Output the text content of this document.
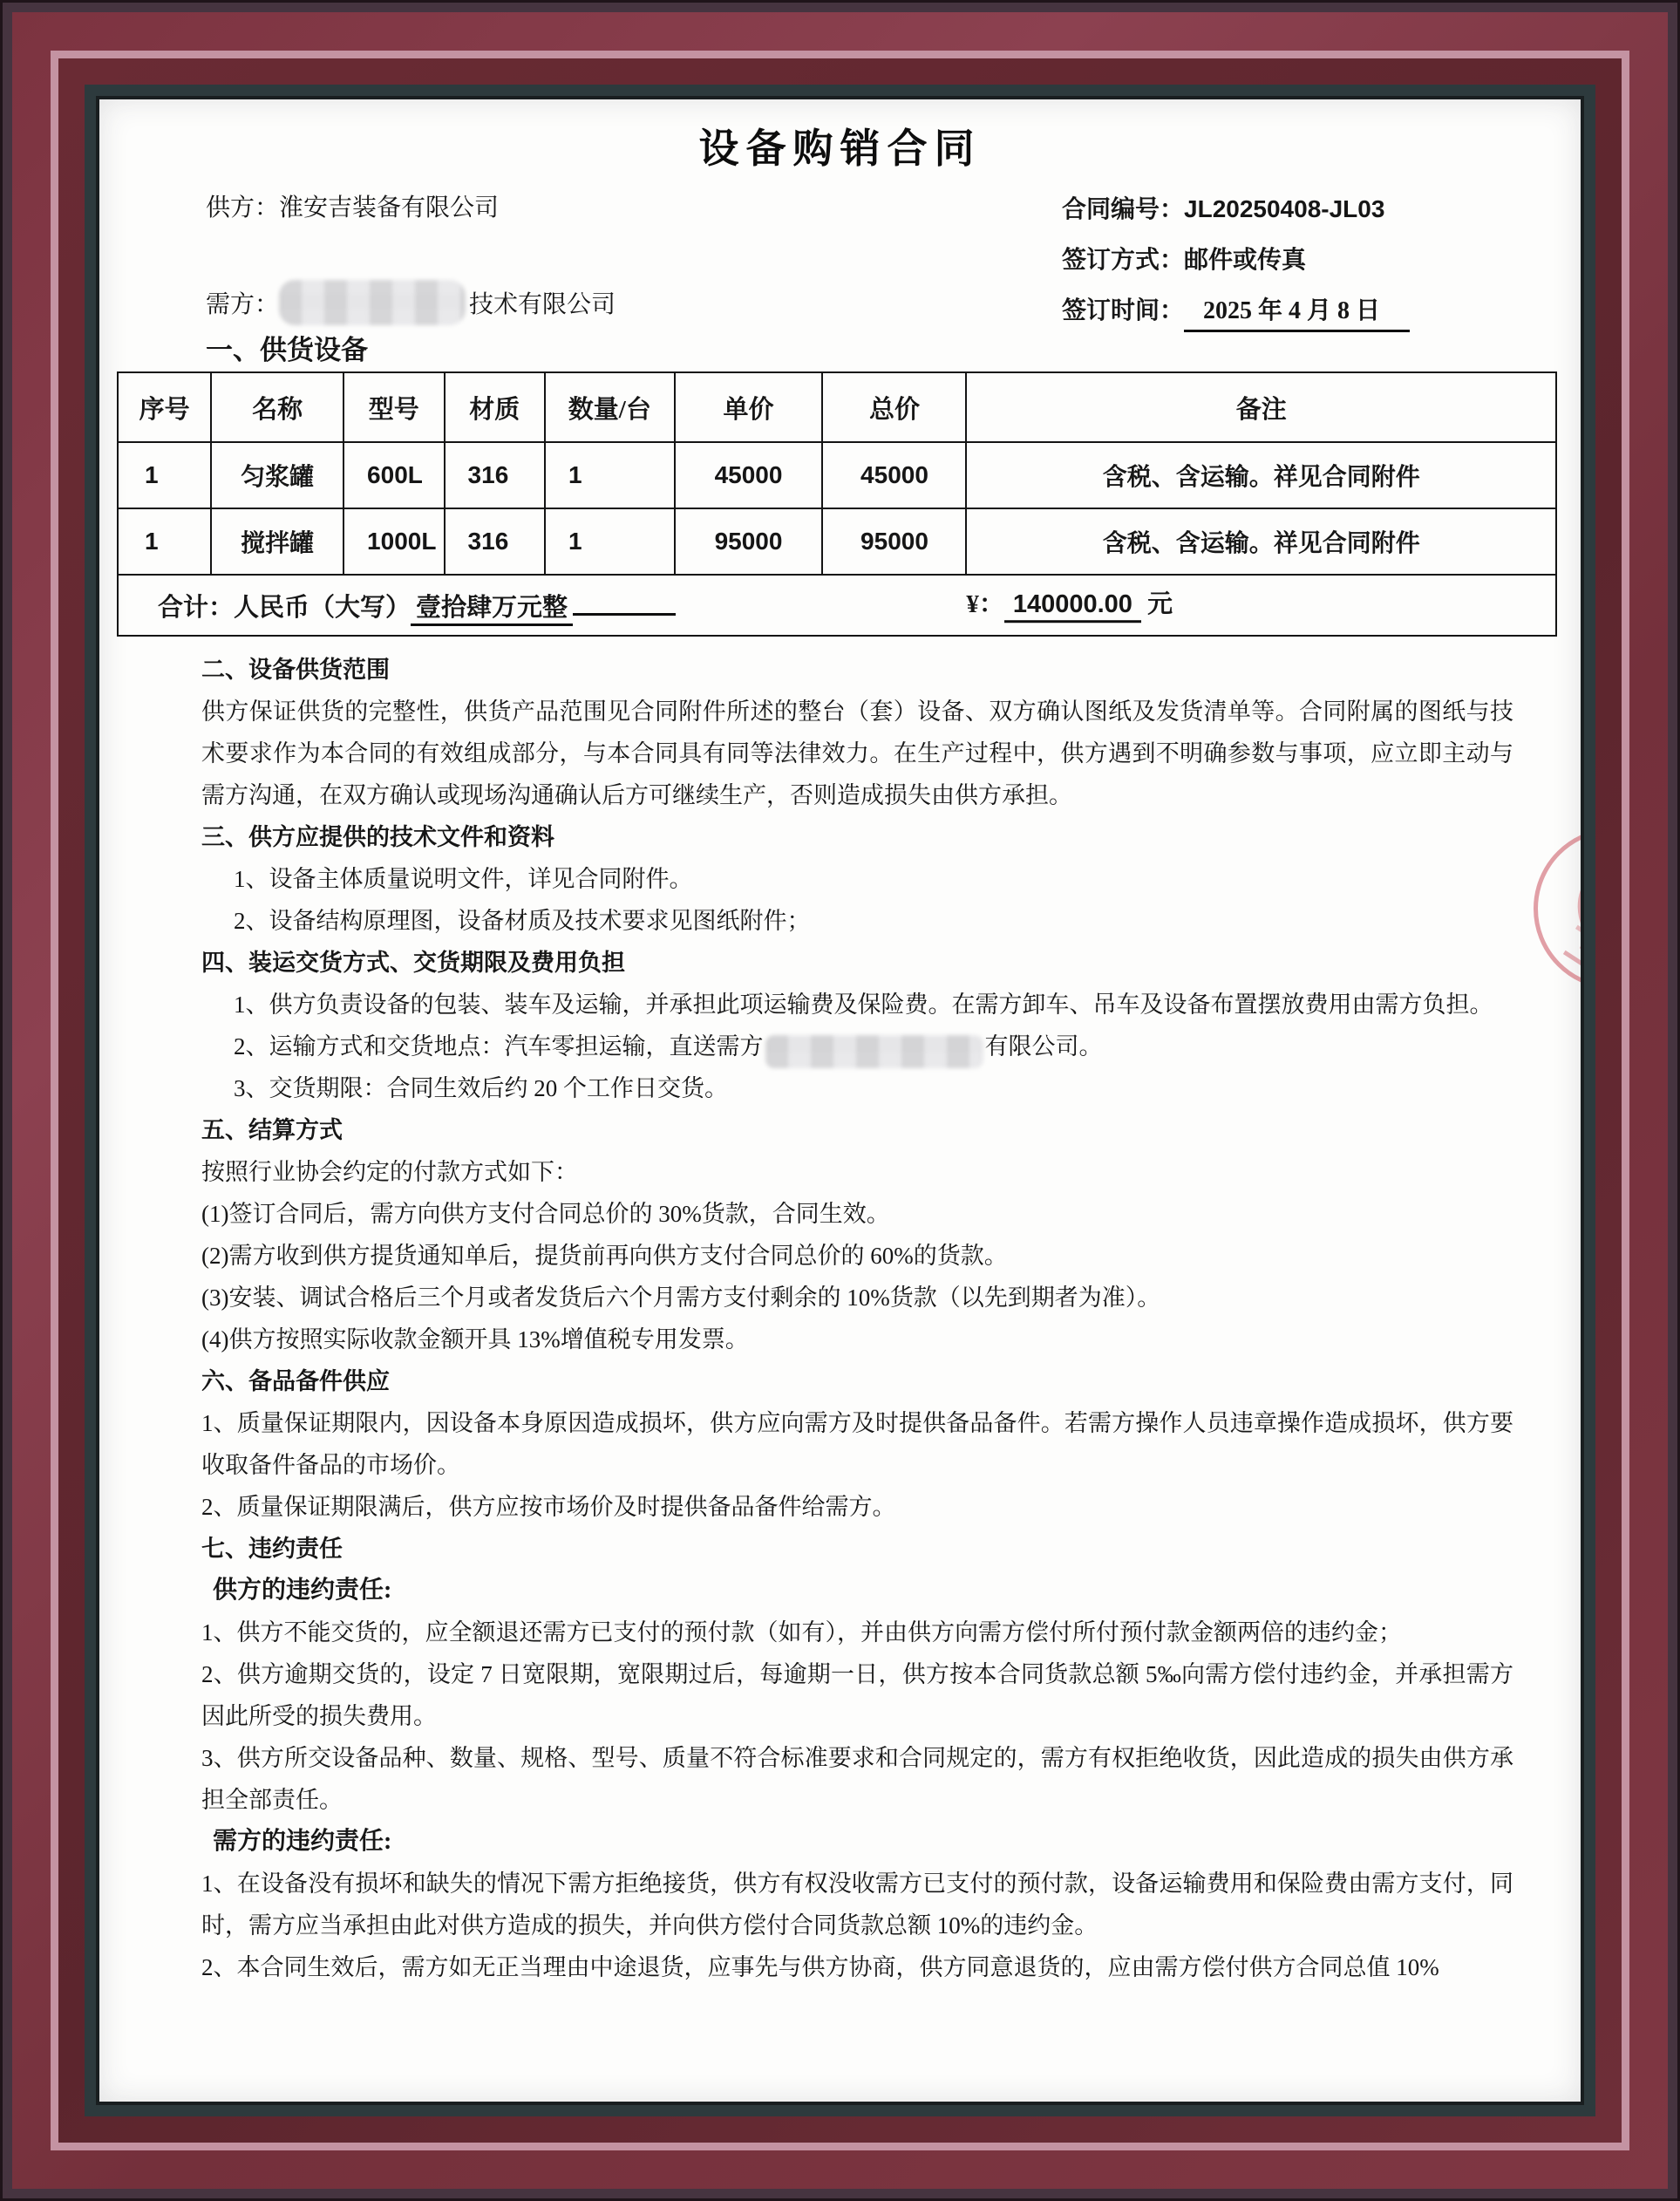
设备购销合同
供方：淮安吉装备有限公司
需方：	技术有限公司
合同编号：JL20250408-JL03
签订方式：邮件或传真
签订时间： 2025 年 4 月 8 日
一、供货设备
序号	名称	型号	材质	数量/台	单价	总价	备注
1	匀浆罐	600L	316	1	45000	45000	含税、含运输。祥见合同附件
1	搅拌罐	1000L	316	1	95000	95000	含税、含运输。祥见合同附件
合计：人民币（大写） 壹拾肆万元整 ¥： 140000.00 元							
二、设备供货范围
供方保证供货的完整性，供货产品范围见合同附件所述的整台（套）设备、双方确认图纸及发货清单等。合同附属的图纸与技术要求作为本合同的有效组成部分，与本合同具有同等法律效力。在生产过程中，供方遇到不明确参数与事项，应立即主动与需方沟通，在双方确认或现场沟通确认后方可继续生产，否则造成损失由供方承担。
三、供方应提供的技术文件和资料
1、设备主体质量说明文件，详见合同附件。
2、设备结构原理图，设备材质及技术要求见图纸附件；
四、装运交货方式、交货期限及费用负担
1、供方负责设备的包装、装车及运输，并承担此项运输费及保险费。在需方卸车、吊车及设备布置摆放费用由需方负担。
2、运输方式和交货地点：汽车零担运输，直送需方	有限公司。
3、交货期限：合同生效后约 20 个工作日交货。
五、结算方式
按照行业协会约定的付款方式如下：
(1)签订合同后，需方向供方支付合同总价的 30%货款，合同生效。
(2)需方收到供方提货通知单后，提货前再向供方支付合同总价的 60%的货款。
(3)安装、调试合格后三个月或者发货后六个月需方支付剩余的 10%货款（以先到期者为准）。
(4)供方按照实际收款金额开具 13%增值税专用发票。
六、备品备件供应
1、质量保证期限内，因设备本身原因造成损坏，供方应向需方及时提供备品备件。若需方操作人员违章操作造成损坏，供方要收取备件备品的市场价。
2、质量保证期限满后，供方应按市场价及时提供备品备件给需方。
七、违约责任
供方的违约责任:
1、供方不能交货的，应全额退还需方已支付的预付款（如有），并由供方向需方偿付所付预付款金额两倍的违约金；
2、供方逾期交货的，设定 7 日宽限期，宽限期过后，每逾期一日，供方按本合同货款总额 5‰向需方偿付违约金，并承担需方因此所受的损失费用。
3、供方所交设备品种、数量、规格、型号、质量不符合标准要求和合同规定的，需方有权拒绝收货，因此造成的损失由供方承担全部责任。
需方的违约责任:
1、在设备没有损坏和缺失的情况下需方拒绝接货，供方有权没收需方已支付的预付款，设备运输费用和保险费由需方支付，同时，需方应当承担由此对供方造成的损失，并向供方偿付合同货款总额 10%的违约金。
2、本合同生效后，需方如无正当理由中途退货，应事先与供方协商，供方同意退货的，应由需方偿付供方合同总值 10%
